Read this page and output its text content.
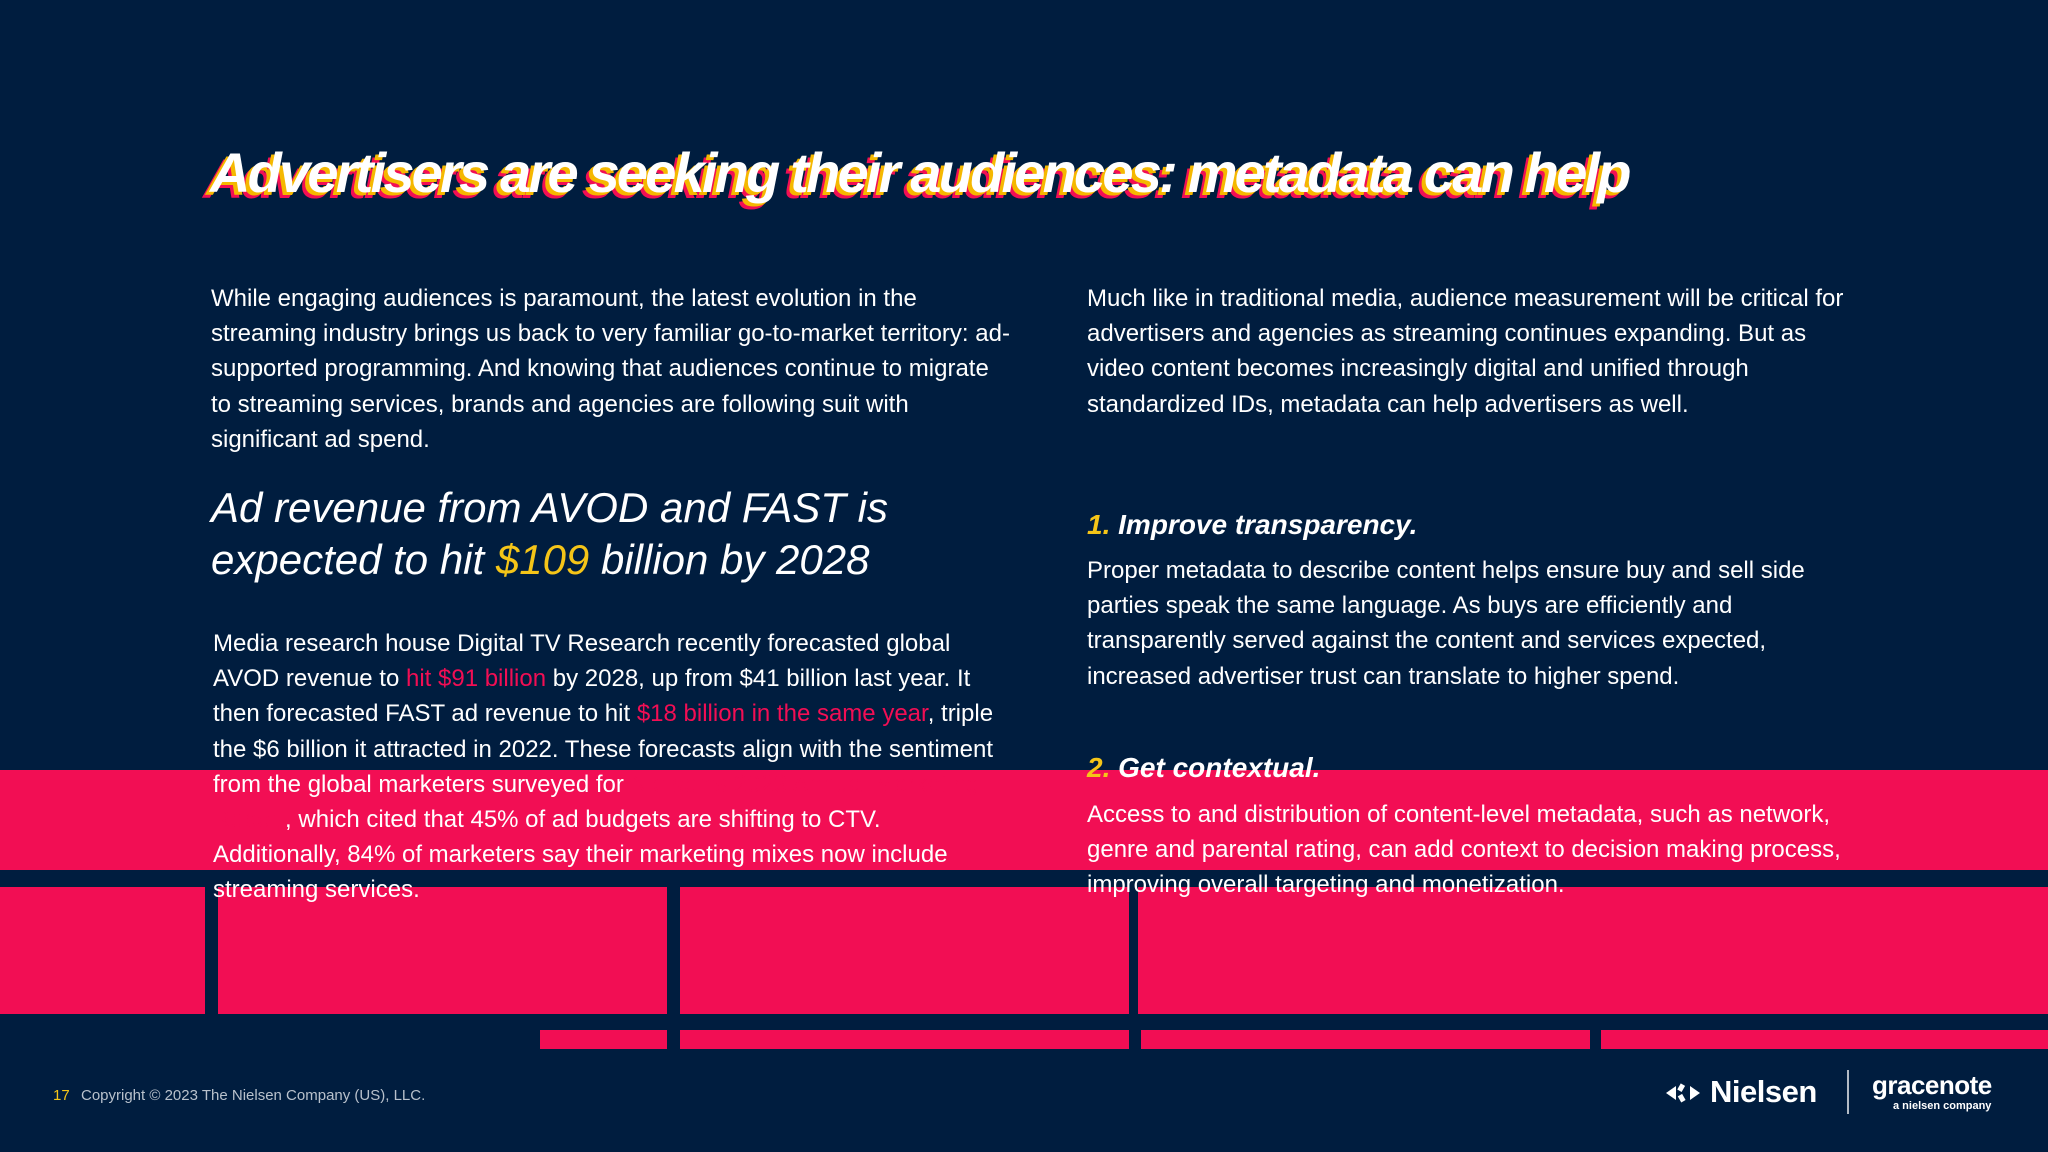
Advertisers are seeking their audiences: metadata can help

While engaging audiences is paramount, the latest evolution in the streaming industry brings us back to very familiar go-to-market territory: ad-supported programming. And knowing that audiences continue to migrate to streaming services, brands and agencies are following suit with significant ad spend.

Ad revenue from AVOD and FAST is expected to hit $109 billion by 2028

Media research house Digital TV Research recently forecasted global AVOD revenue to hit $91 billion by 2028, up from $41 billion last year. It then forecasted FAST ad revenue to hit $18 billion in the same year, triple the $6 billion it attracted in 2022. These forecasts align with the sentiment from the global marketers surveyed for Nielsen's 2023 Annual Marketing Report, which cited that 45% of ad budgets are shifting to CTV. Additionally, 84% of marketers say their marketing mixes now include streaming services.

Much like in traditional media, audience measurement will be critical for advertisers and agencies as streaming continues expanding. But as video content becomes increasingly digital and unified through standardized IDs, metadata can help advertisers as well.

1. Improve transparency.

Proper metadata to describe content helps ensure buy and sell side parties speak the same language. As buys are efficiently and transparently served against the content and services expected, increased advertiser trust can translate to higher spend.

2. Get contextual.

Access to and distribution of content-level metadata, such as network, genre and parental rating, can add context to decision making process, improving overall targeting and monetization.

17 Copyright © 2023 The Nielsen Company (US), LLC.	Nielsen gracenote
a nielsen company
